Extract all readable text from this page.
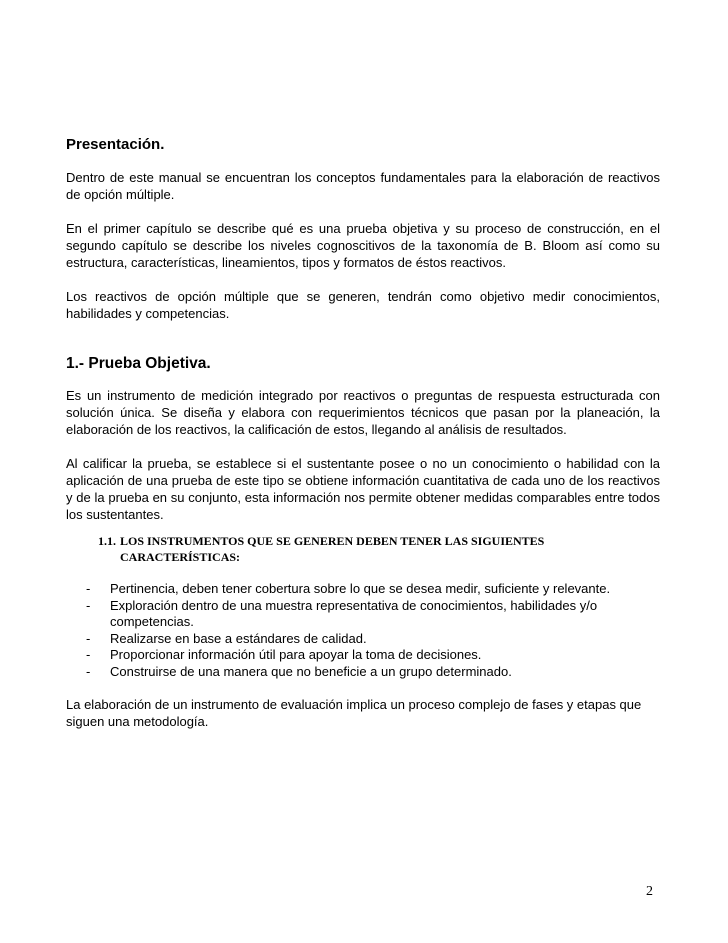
Presentación.

Dentro de este manual se encuentran los conceptos fundamentales para la elaboración de reactivos de opción múltiple.

En el primer capítulo se describe qué es una prueba objetiva y su proceso de construcción, en el segundo capítulo se describe los niveles cognoscitivos de la taxonomía de B. Bloom así como su estructura, características, lineamientos, tipos y formatos de éstos reactivos.

Los reactivos de opción múltiple que se generen, tendrán como objetivo medir conocimientos, habilidades y competencias.

1.- Prueba Objetiva.

Es un instrumento de medición integrado por reactivos o preguntas de respuesta estructurada con solución única. Se diseña y elabora con requerimientos técnicos que pasan por la planeación, la elaboración de los reactivos, la calificación de estos, llegando al análisis de resultados.

Al calificar la prueba, se establece si el sustentante posee o no un conocimiento o habilidad con la aplicación de una prueba de este tipo se obtiene información cuantitativa de cada uno de los reactivos y de la prueba en su conjunto, esta información nos permite obtener medidas comparables entre todos los sustentantes.

1.1. LOS INSTRUMENTOS QUE SE GENEREN DEBEN TENER LAS SIGUIENTES CARACTERÍSTICAS:
-	Pertinencia, deben tener cobertura sobre lo que se desea medir, suficiente y relevante.
-	Exploración dentro de una muestra representativa de conocimientos, habilidades y/o competencias.
-	Realizarse en base a estándares de calidad.
-	Proporcionar información útil para apoyar la toma de decisiones.
-	Construirse de una manera que no beneficie a un grupo determinado.

La elaboración de un instrumento de evaluación implica un proceso complejo de fases y etapas que siguen una metodología.

2
